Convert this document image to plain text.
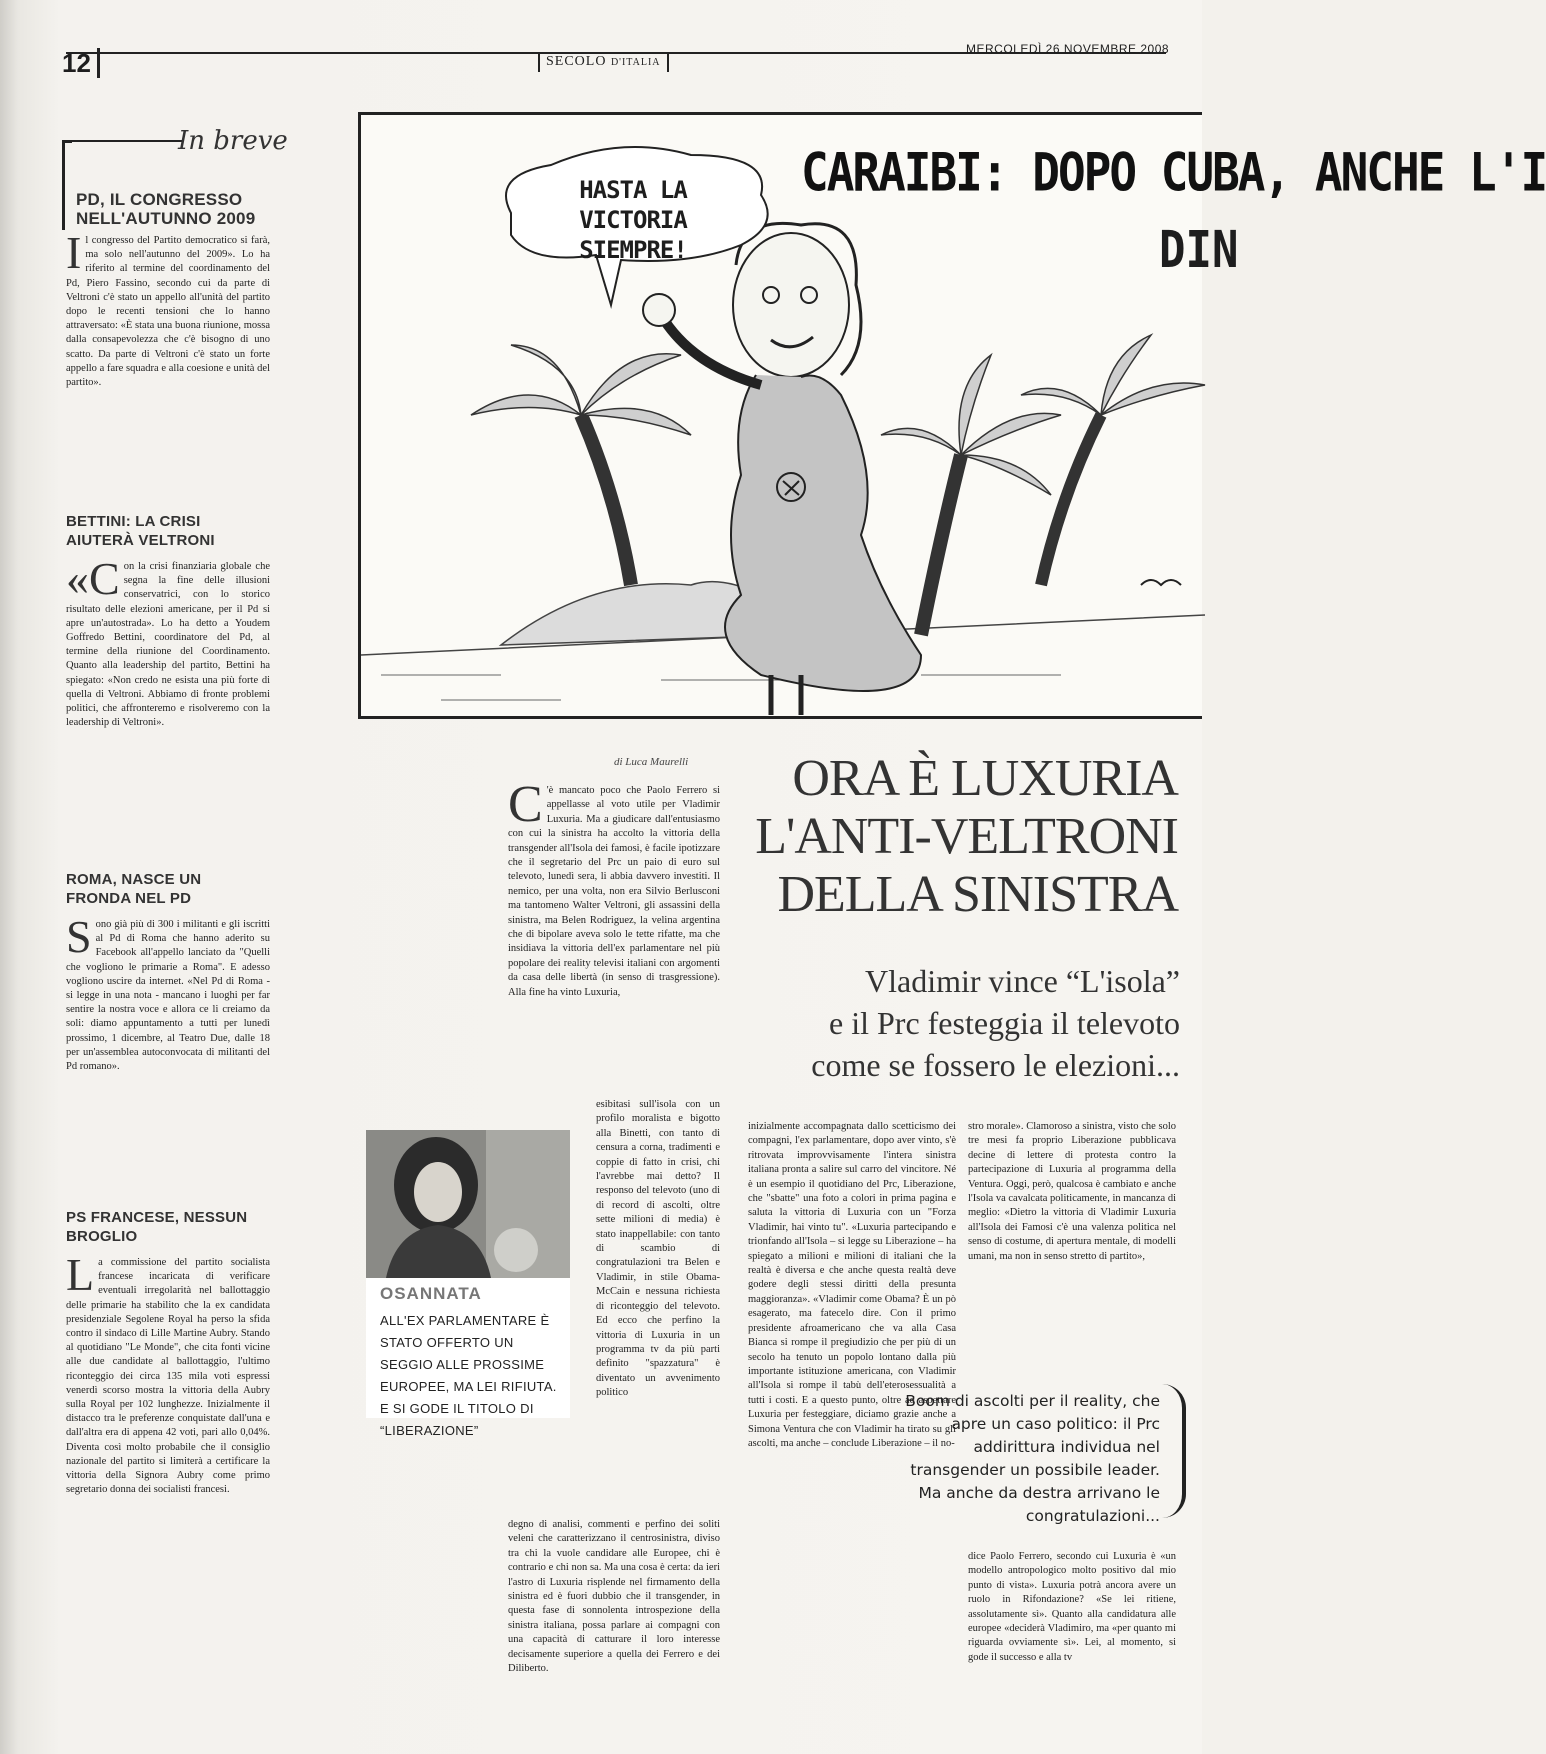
12	SECOLO D'ITALIA
MERCOLEDÌ 26 NOVEMBRE 2008
In breve
PD, IL CONGRESSO NELL'AUTUNNO 2009
I l congresso del Partito democratico si farà, ma solo nell'autunno del 2009». Lo ha riferito al termine del coordinamento del Pd, Piero Fassino, secondo cui da parte di Veltroni c'è stato un appello all'unità del partito dopo le recenti tensioni che lo hanno attraversato: «È stata una buona riunione, mossa dalla consapevolezza che c'è bisogno di uno scatto. Da parte di Veltroni c'è stato un forte appello a fare squadra e alla coesione e unità del partito».
BETTINI: LA CRISI AIUTERÀ VELTRONI
«C on la crisi finanziaria globale che segna la fine delle illusioni conservatrici, con lo storico risultato delle elezioni americane, per il Pd si apre un'autostrada». Lo ha detto a Youdem Goffredo Bettini, coordinatore del Pd, al termine della riunione del Coordinamento. Quanto alla leadership del partito, Bettini ha spiegato: «Non credo ne esista una più forte di quella di Veltroni. Abbiamo di fronte problemi politici, che affronteremo e risolveremo con la leadership di Veltroni».
ROMA, NASCE UN FRONDA NEL PD
S ono già più di 300 i militanti e gli iscritti al Pd di Roma che hanno aderito su Facebook all'appello lanciato da "Quelli che vogliono le primarie a Roma". E adesso vogliono uscire da internet. «Nel Pd di Roma - si legge in una nota - mancano i luoghi per far sentire la nostra voce e allora ce li creiamo da soli: diamo appuntamento a tutti per lunedì prossimo, 1 dicembre, al Teatro Due, dalle 18 per un'assemblea autoconvocata di militanti del Pd romano».
PS FRANCESE, NESSUN BROGLIO
L a commissione del partito socialista francese incaricata di verificare eventuali irregolarità nel ballottaggio delle primarie ha stabilito che la ex candidata presidenziale Segolene Royal ha perso la sfida contro il sindaco di Lille Martine Aubry. Stando al quotidiano "Le Monde", che cita fonti vicine alle due candidate al ballottaggio, l'ultimo riconteggio dei circa 135 mila voti espressi venerdì scorso mostra la vittoria della Aubry sulla Royal per 102 lunghezze. Inizialmente il distacco tra le preferenze conquistate dall'una e dall'altra era di appena 42 voti, pari allo 0,04%. Diventa così molto probabile che il consiglio nazionale del partito si limiterà a certificare la vittoria della Signora Aubry come primo segretario donna dei socialisti francesi.
CARAIBI: DOPO CUBA, ANCHE L'I
DIN
HASTA LA VICTORIA SIEMPRE!
di Luca Maurelli	ORA È LUXURIA
L'ANTI-VELTRONI
DELLA SINISTRA
Vladimir vince “L'isola”
e il Prc festeggia il televoto
come se fossero le elezioni...
C 'è mancato poco che Paolo Ferrero si appellasse al voto utile per Vladimir Luxuria. Ma a giudicare dall'entusiasmo con cui la sinistra ha accolto la vittoria della transgender all'Isola dei famosi, è facile ipotizzare che il segretario del Prc un paio di euro sul televoto, lunedì sera, li abbia davvero investiti. Il nemico, per una volta, non era Silvio Berlusconi ma tantomeno Walter Veltroni, gli assassini della sinistra, ma Belen Rodriguez, la velina argentina che di bipolare aveva solo le tette rifatte, ma che insidiava la vittoria dell'ex parlamentare nel più popolare dei reality televisi italiani con argomenti da casa delle libertà (in senso di trasgressione). Alla fine ha vinto Luxuria,
esibitasi sull'isola con un profilo moralista e bigotto alla Binetti, con tanto di censura a corna, tradimenti e coppie di fatto in crisi, chi l'avrebbe mai detto? Il responso del televoto (uno di di record di ascolti, oltre sette milioni di media) è stato inappellabile: con tanto di scambio di congratulazioni tra Belen e Vladimir, in stile Obama-McCain e nessuna richiesta di riconteggio del televoto. Ed ecco che perfino la vittoria di Luxuria in un programma tv da più parti definito "spazzatura" è diventato un avvenimento politico
degno di analisi, commenti e perfino dei soliti veleni che caratterizzano il centrosinistra, diviso tra chi la vuole candidare alle Europee, chi è contrario e chi non sa. Ma una cosa è certa: da ieri l'astro di Luxuria risplende nel firmamento della sinistra ed è fuori dubbio che il transgender, in questa fase di sonnolenta introspezione della sinistra italiana, possa parlare ai compagni con una capacità di catturare il loro interesse decisamente superiore a quella dei Ferrero e dei Diliberto.
inizialmente accompagnata dallo scetticismo dei compagni, l'ex parlamentare, dopo aver vinto, s'è ritrovata improvvisamente l'intera sinistra italiana pronta a salire sul carro del vincitore. Né è un esempio il quotidiano del Prc, Liberazione, che "sbatte" una foto a colori in prima pagina e saluta la vittoria di Luxuria con un "Forza Vladimir, hai vinto tu". «Luxuria partecipando e trionfando all'Isola – si legge su Liberazione – ha spiegato a milioni e milioni di italiani che la realtà è diversa e che anche questa realtà deve godere degli stessi diritti della presunta maggioranza». «Vladimir come Obama? È un pò esagerato, ma fatecelo dire. Con il primo presidente afroamericano che va alla Casa Bianca si rompe il pregiudizio che per più di un secolo ha tenuto un popolo lontano dalla più importante istituzione americana, con Vladimir all'Isola si rompe il tabù dell'eterosessualità a tutti i costi. E a questo punto, oltre ad aspettare Luxuria per festeggiare, diciamo grazie anche a Simona Ventura che con Vladimir ha tirato su gli ascolti, ma anche – conclude Liberazione – il no-
stro morale». Clamoroso a sinistra, visto che solo tre mesi fa proprio Liberazione pubblicava decine di lettere di protesta contro la partecipazione di Luxuria al programma della Ventura. Oggi, però, qualcosa è cambiato e anche l'Isola va cavalcata politicamente, in mancanza di meglio: «Dietro la vittoria di Vladimir Luxuria all'Isola dei Famosi c'è una valenza politica nel senso di costume, di apertura mentale, di modelli umani, ma non in senso stretto di partito»,
dice Paolo Ferrero, secondo cui Luxuria è «un modello antropologico molto positivo dal mio punto di vista». Luxuria potrà ancora avere un ruolo in Rifondazione? «Se lei ritiene, assolutamente sì». Quanto alla candidatura alle europee «deciderà Vladimiro, ma «per quanto mi riguarda ovviamente sì». Lei, al momento, si gode il successo e alla tv
OSANNATA
ALL'EX PARLAMENTARE È STATO OFFERTO UN SEGGIO ALLE PROSSIME EUROPEE, MA LEI RIFIUTA. E SI GODE IL TITOLO DI “LIBERAZIONE”
Boom di ascolti per il reality, che apre un caso politico: il Prc addirittura individua nel transgender un possibile leader. Ma anche da destra arrivano le congratulazioni...
